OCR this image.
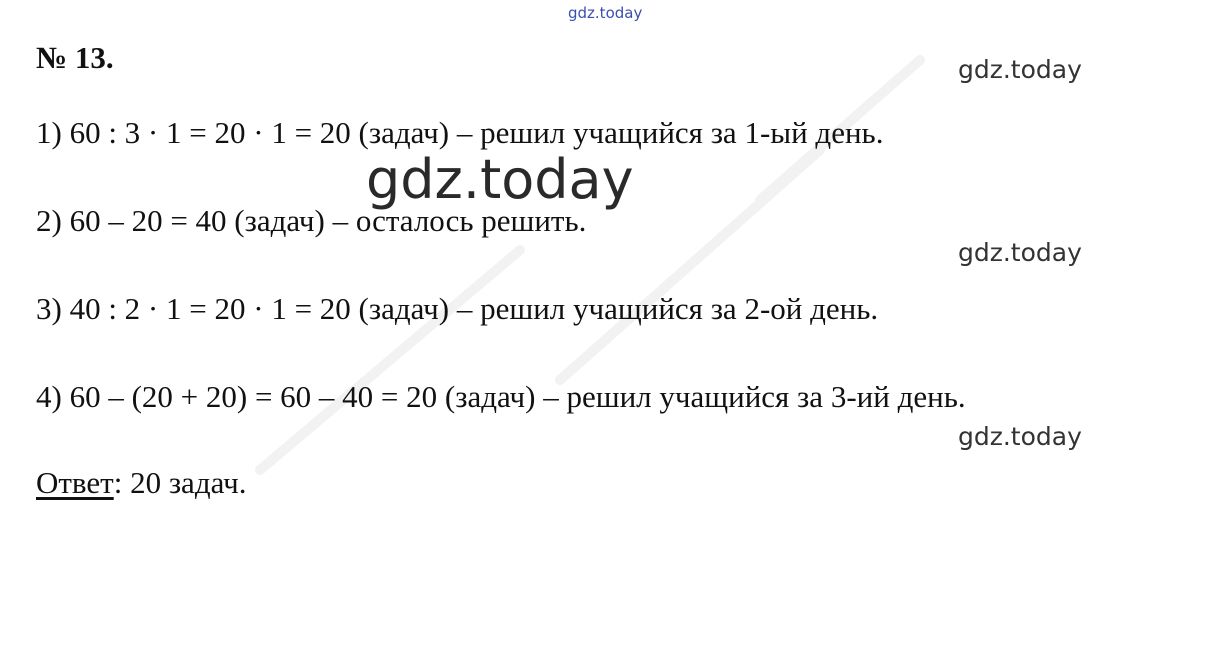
gdz.today
№ 13.	gdz.today

1) 60 : 3 · 1 = 20 · 1 = 20 (задач) – решил учащийся за 1-ый день.

gdz.today

2) 60 – 20 = 40 (задач) – осталось решить.

gdz.today

3) 40 : 2 · 1 = 20 · 1 = 20 (задач) – решил учащийся за 2-ой день.

4) 60 – (20 + 20) = 60 – 40 = 20 (задач) – решил учащийся за 3-ий день.

gdz.today

Ответ: 20 задач.
